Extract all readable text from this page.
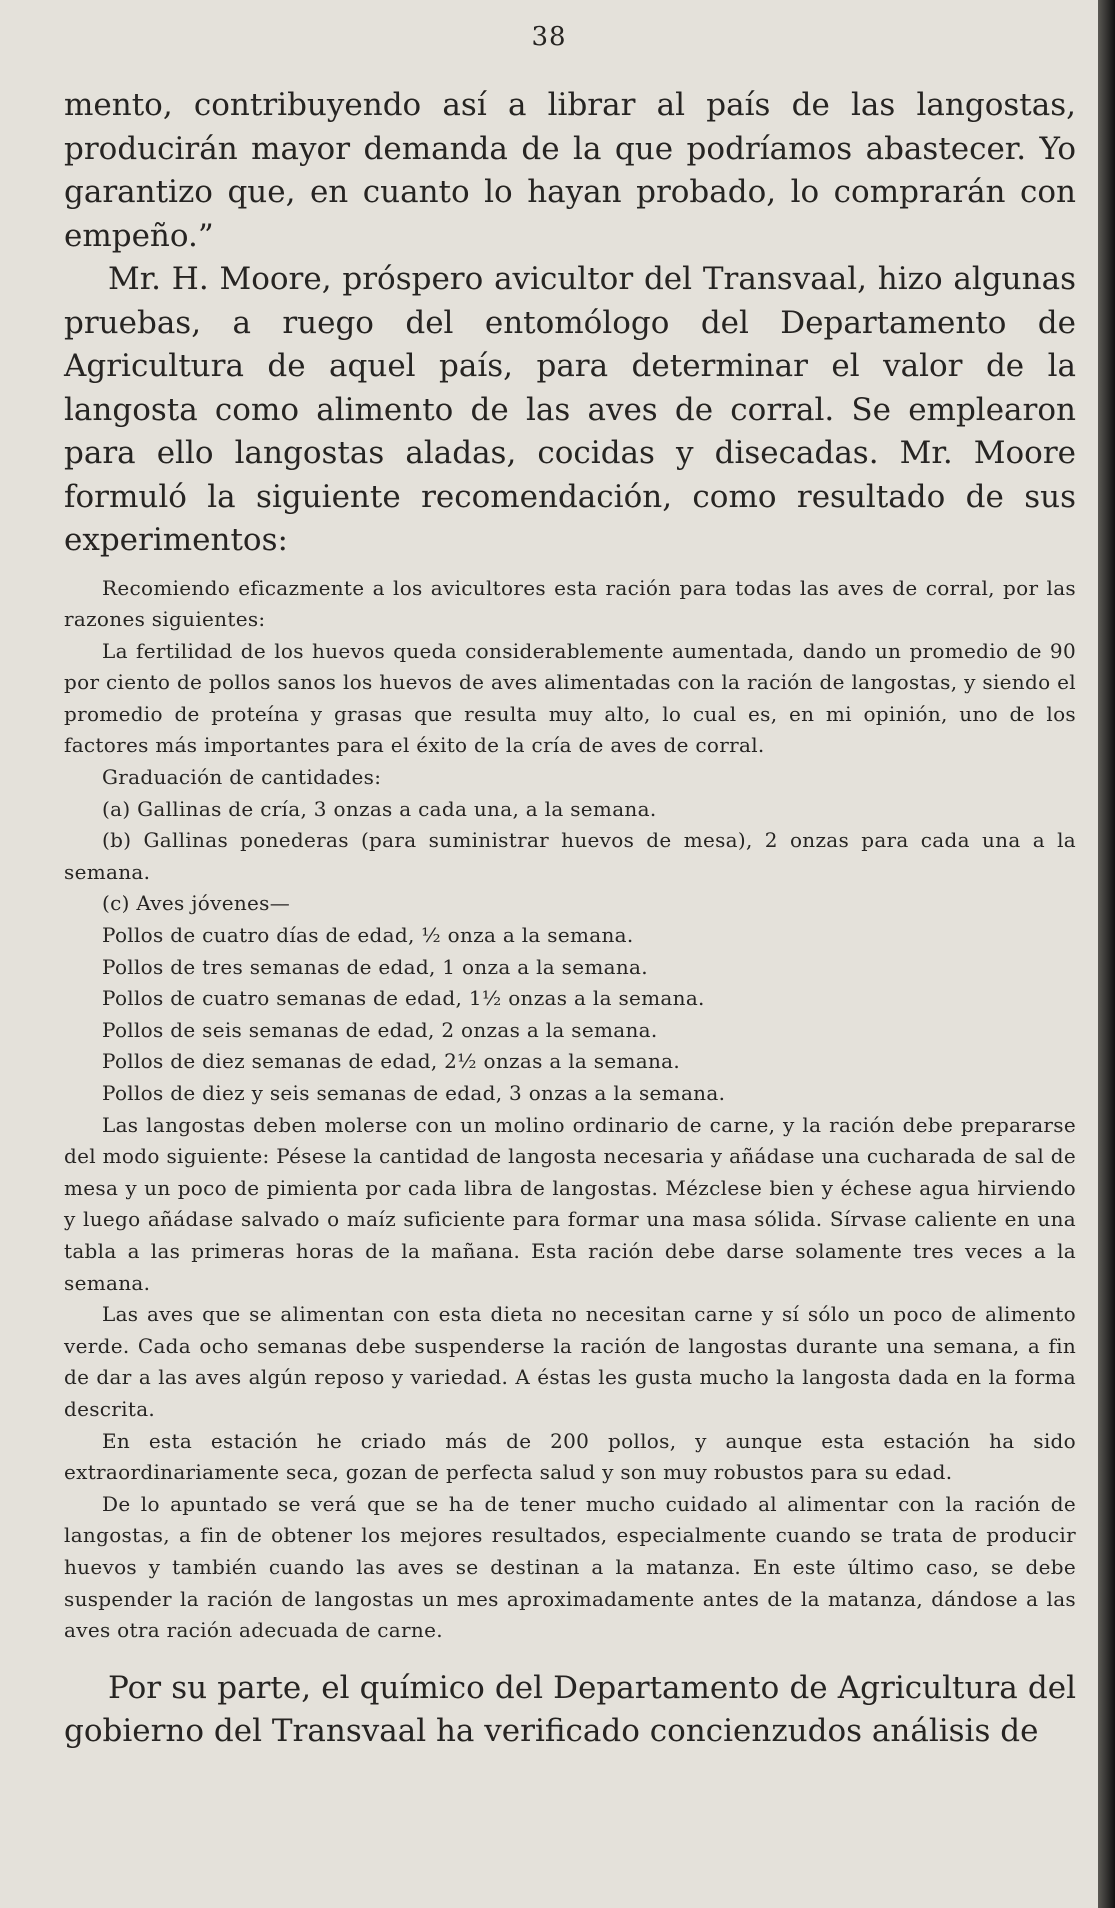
38

mento, contribuyendo así a librar al país de las langostas, producirán mayor demanda de la que podríamos abastecer. Yo garantizo que, en cuanto lo hayan probado, lo comprarán con empeño.”

Mr. H. Moore, próspero avicultor del Transvaal, hizo algunas pruebas, a ruego del entomólogo del Departamento de Agricultura de aquel país, para determinar el valor de la langosta como alimento de las aves de corral. Se emplearon para ello langostas aladas, cocidas y disecadas. Mr. Moore formuló la siguiente recomendación, como resultado de sus experimentos:

Recomiendo eficazmente a los avicultores esta ración para todas las aves de corral, por las razones siguientes:

La fertilidad de los huevos queda considerablemente aumentada, dando un promedio de 90 por ciento de pollos sanos los huevos de aves alimentadas con la ración de langostas, y siendo el promedio de proteína y grasas que resulta muy alto, lo cual es, en mi opinión, uno de los factores más importantes para el éxito de la cría de aves de corral.

Graduación de cantidades:

(a) Gallinas de cría, 3 onzas a cada una, a la semana.

(b) Gallinas ponederas (para suministrar huevos de mesa), 2 onzas para cada una a la semana.

(c) Aves jóvenes—

Pollos de cuatro días de edad, ½ onza a la semana.

Pollos de tres semanas de edad, 1 onza a la semana.

Pollos de cuatro semanas de edad, 1½ onzas a la semana.

Pollos de seis semanas de edad, 2 onzas a la semana.

Pollos de diez semanas de edad, 2½ onzas a la semana.

Pollos de diez y seis semanas de edad, 3 onzas a la semana.

Las langostas deben molerse con un molino ordinario de carne, y la ración debe prepararse del modo siguiente: Pésese la cantidad de langosta necesaria y añádase una cucharada de sal de mesa y un poco de pimienta por cada libra de langostas. Mézclese bien y échese agua hirviendo y luego añádase salvado o maíz suficiente para formar una masa sólida. Sírvase caliente en una tabla a las primeras horas de la mañana. Esta ración debe darse solamente tres veces a la semana.

Las aves que se alimentan con esta dieta no necesitan carne y sí sólo un poco de alimento verde. Cada ocho semanas debe suspenderse la ración de langostas durante una semana, a fin de dar a las aves algún reposo y variedad. A éstas les gusta mucho la langosta dada en la forma descrita.

En esta estación he criado más de 200 pollos, y aunque esta estación ha sido extraordinariamente seca, gozan de perfecta salud y son muy robustos para su edad.

De lo apuntado se verá que se ha de tener mucho cuidado al alimentar con la ración de langostas, a fin de obtener los mejores resultados, especialmente cuando se trata de producir huevos y también cuando las aves se destinan a la matanza. En este último caso, se debe suspender la ración de langostas un mes aproximadamente antes de la matanza, dándose a las aves otra ración adecuada de carne.

Por su parte, el químico del Departamento de Agricultura del gobierno del Transvaal ha verificado concienzudos análisis de
